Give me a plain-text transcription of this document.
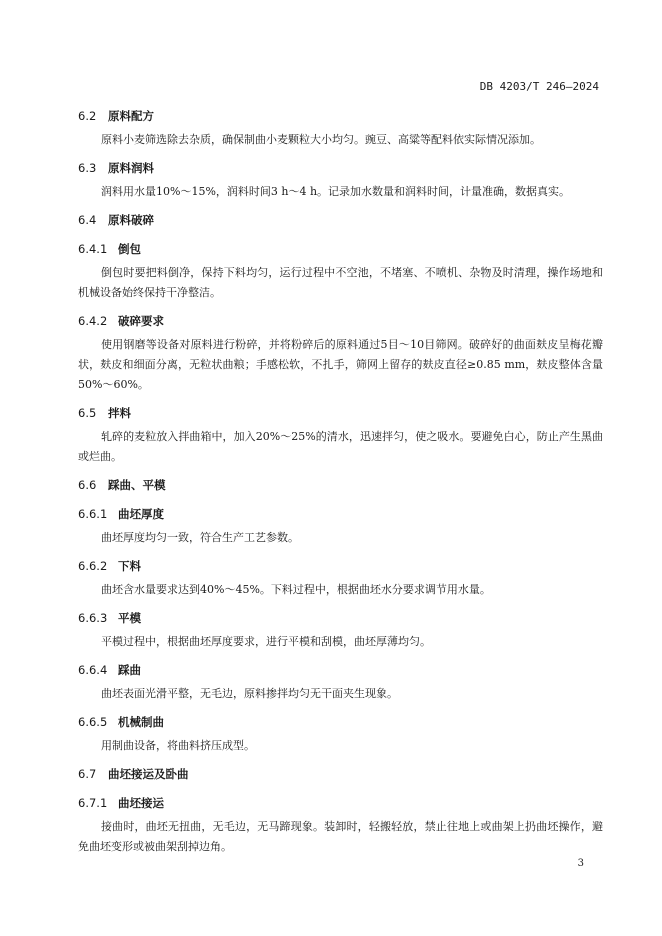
DB 4203/T 246—2024
6.2 原料配方

原料小麦筛选除去杂质，确保制曲小麦颗粒大小均匀。豌豆、高粱等配料依实际情况添加。

6.3 原料润料

润料用水量10%～15%，润料时间3 h～4 h。记录加水数量和润料时间，计量准确，数据真实。

6.4 原料破碎
6.4.1 倒包

倒包时要把料倒净，保持下料均匀，运行过程中不空池，不堵塞、不喷机、杂物及时清理，操作场地和机械设备始终保持干净整洁。

6.4.2 破碎要求

使用钢磨等设备对原料进行粉碎，并将粉碎后的原料通过5目～10目筛网。破碎好的曲面麸皮呈梅花瓣状，麸皮和细面分离，无粒状曲粮；手感松软，不扎手，筛网上留存的麸皮直径≥0.85 mm，麸皮整体含量50%～60%。

6.5 拌料

轧碎的麦粒放入拌曲箱中，加入20%～25%的清水，迅速拌匀，使之吸水。要避免白心，防止产生黑曲或烂曲。

6.6 踩曲、平模
6.6.1 曲坯厚度

曲坯厚度均匀一致，符合生产工艺参数。

6.6.2 下料

曲坯含水量要求达到40%～45%。下料过程中，根据曲坯水分要求调节用水量。

6.6.3 平模

平模过程中，根据曲坯厚度要求，进行平模和刮模，曲坯厚薄均匀。

6.6.4 踩曲

曲坯表面光滑平整，无毛边，原料掺拌均匀无干面夹生现象。

6.6.5 机械制曲

用制曲设备，将曲料挤压成型。

6.7 曲坯接运及卧曲
6.7.1 曲坯接运

接曲时，曲坯无扭曲，无毛边，无马蹄现象。装卸时，轻搬轻放，禁止往地上或曲架上扔曲坯操作，避免曲坯变形或被曲架刮掉边角。

3
